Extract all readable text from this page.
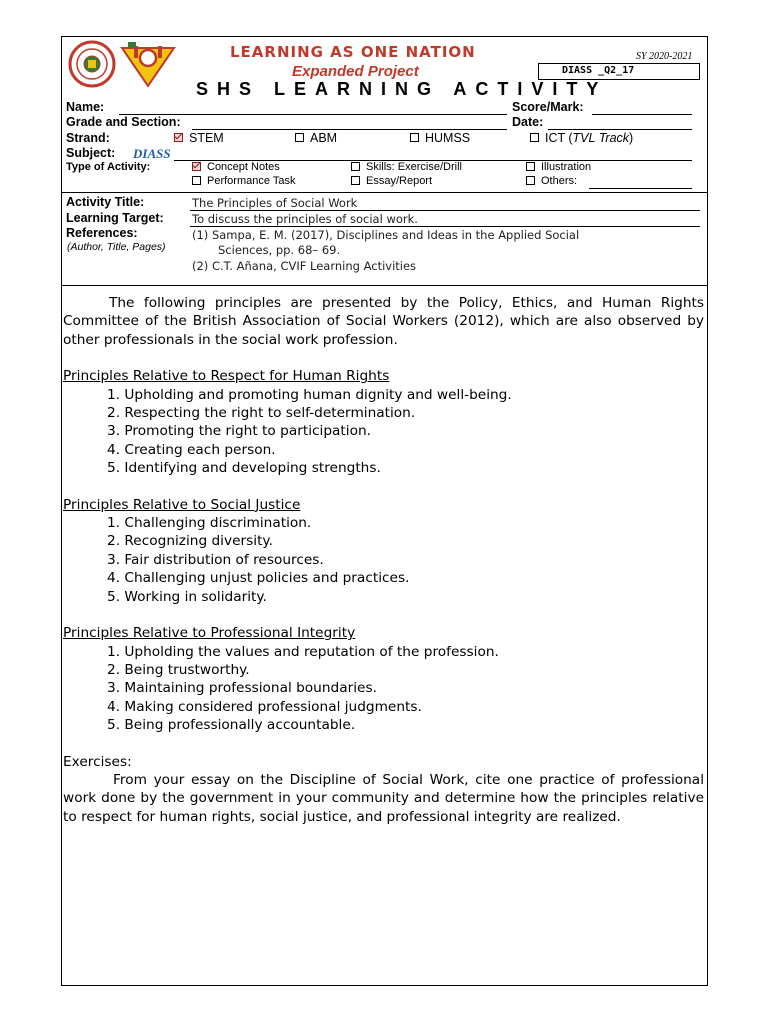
LEARNING AS ONE NATION
Expanded Project
SY 2020-2021
DIASS _Q2_17
SHS LEARNING ACTIVITY
Name:	Score/Mark:
Grade and Section:	Date:
Strand:	STEM	ABM	HUMSS	ICT (TVL Track)
Subject: DIASS
Type of Activity:	Concept Notes	Skills: Exercise/Drill	Illustration
Performance Task	Essay/Report	Others:
Activity Title:	The Principles of Social Work
Learning Target: To discuss the principles of social work.
References:
(Author, Title, Pages)
(1) Sampa, E. M. (2017), Disciplines and Ideas in the Applied Social
Sciences, pp. 68– 69.
(2) C.T. Añana, CVIF Learning Activities
The following principles are presented by the Policy, Ethics, and Human Rights Committee of the British Association of Social Workers (2012), which are also observed by other professionals in the social work profession.
Principles Relative to Respect for Human Rights
1. Upholding and promoting human dignity and well-being.
2. Respecting the right to self-determination.
3. Promoting the right to participation.
4. Creating each person.
5. Identifying and developing strengths.
Principles Relative to Social Justice
1. Challenging discrimination.
2. Recognizing diversity.
3. Fair distribution of resources.
4. Challenging unjust policies and practices.
5. Working in solidarity.
Principles Relative to Professional Integrity
1. Upholding the values and reputation of the profession.
2. Being trustworthy.
3. Maintaining professional boundaries.
4. Making considered professional judgments.
5. Being professionally accountable.
Exercises:
From your essay on the Discipline of Social Work, cite one practice of professional work done by the government in your community and determine how the principles relative to respect for human rights, social justice, and professional integrity are realized.
